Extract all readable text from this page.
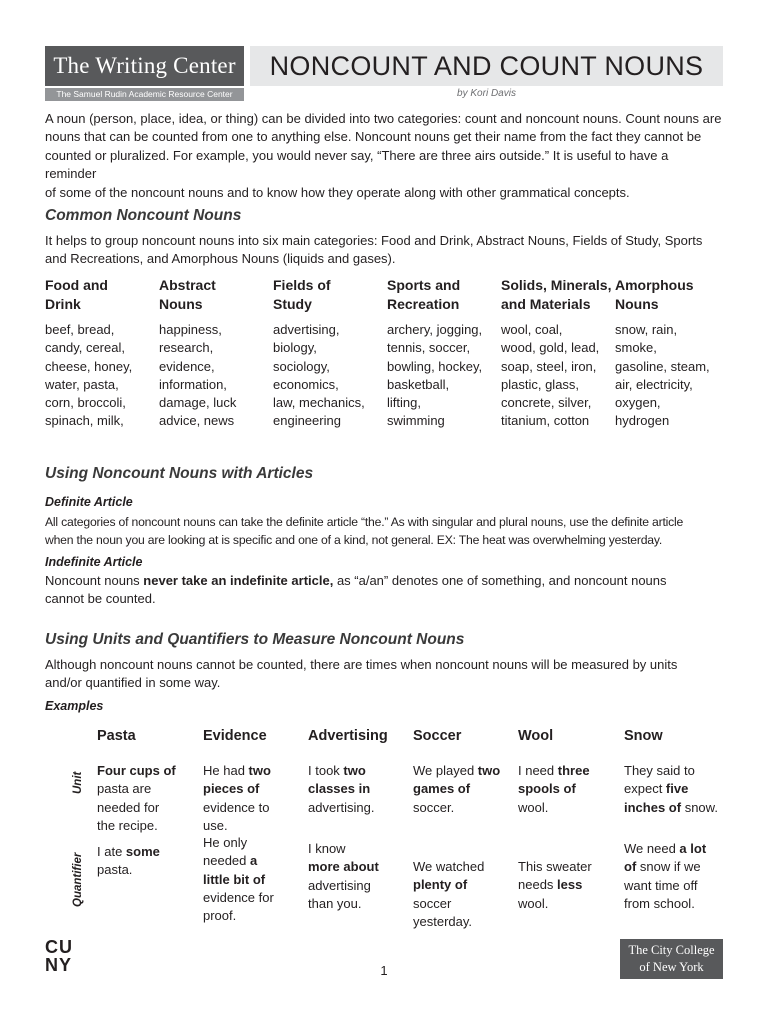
The Writing Center
The Samuel Rudin Academic Resource Center
NONCOUNT AND COUNT NOUNS
by Kori Davis
A noun (person, place, idea, or thing) can be divided into two categories: count and noncount nouns. Count nouns are
nouns that can be counted from one to anything else. Noncount nouns get their name from the fact they cannot be
counted or pluralized. For example, you would never say, “There are three airs outside.” It is useful to have a reminder
of some of the noncount nouns and to know how they operate along with other grammatical concepts.
Common Noncount Nouns
It helps to group noncount nouns into six main categories: Food and Drink, Abstract Nouns, Fields of Study, Sports
and Recreations, and Amorphous Nouns (liquids and gases).
Food and
Drink
beef, bread,
candy, cereal,
cheese, honey,
water, pasta,
corn, broccoli,
spinach, milk,
Abstract
Nouns
happiness,
research,
evidence,
information,
damage, luck
advice, news
Fields of
Study
advertising,
biology,
sociology,
economics,
law, mechanics,
engineering
Sports and
Recreation
archery, jogging,
tennis, soccer,
bowling, hockey,
basketball,
lifting,
swimming
Solids, Minerals,
and Materials
wool, coal,
wood, gold, lead,
soap, steel, iron,
plastic, glass,
concrete, silver,
titanium, cotton
Amorphous
Nouns
snow, rain,
smoke,
gasoline, steam,
air, electricity,
oxygen,
hydrogen
Using Noncount Nouns with Articles
Definite Article
All categories of noncount nouns can take the definite article “the.” As with singular and plural nouns, use the definite article
when the noun you are looking at is specific and one of a kind, not general. EX: The heat was overwhelming yesterday.
Indefinite Article
Noncount nouns never take an indefinite article, as “a/an” denotes one of something, and noncount nouns
cannot be counted.
Using Units and Quantifiers to Measure Noncount Nouns
Although noncount nouns cannot be counted, there are times when noncount nouns will be measured by units
and/or quantified in some way.
Examples
Unit
Quantifier
Pasta
Four cups of
pasta are
needed for
the recipe.
I ate some
pasta.
Evidence
He had two
pieces of
evidence to
use.
He only
needed a
little bit of
evidence for
proof.
Advertising
I took two
classes in
advertising.
I know
more about
advertising
than you.
Soccer
We played two
games of
soccer.
We watched
plenty of
soccer
yesterday.
Wool
I need three
spools of
wool.
This sweater
needs less
wool.
Snow
They said to
expect five
inches of snow.
We need a lot
of snow if we
want time off
from school.
CU
NY	1
The City College
of New York
